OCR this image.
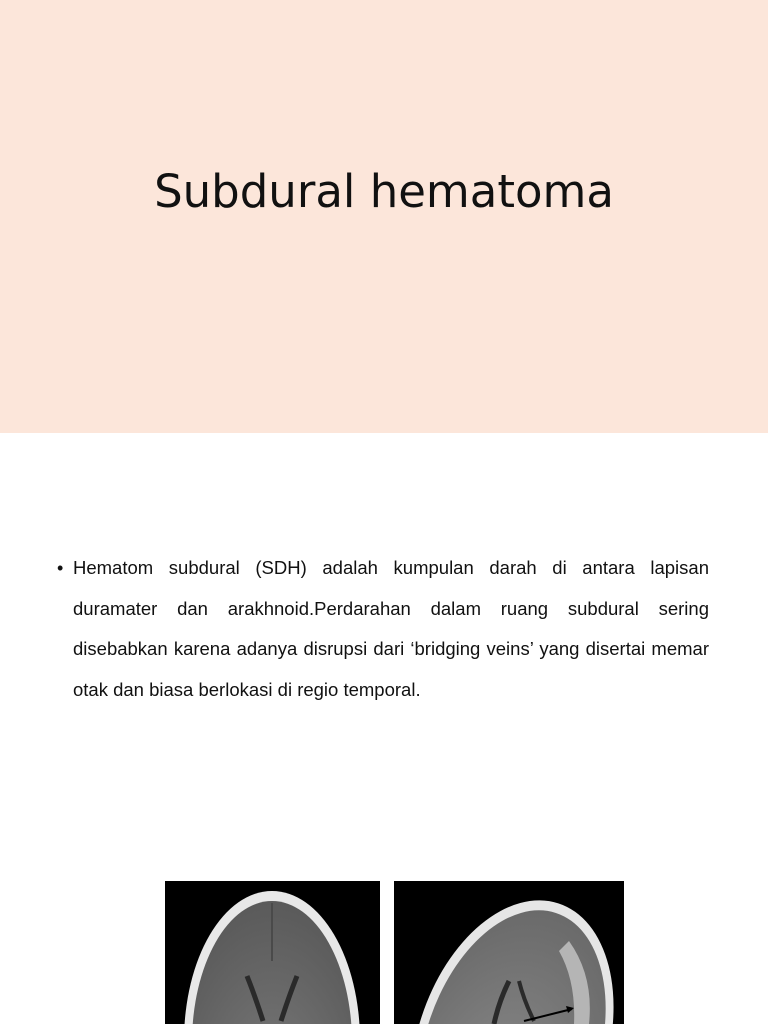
Subdural hematoma
• Hematom subdural (SDH) adalah kumpulan darah di antara lapisan duramater dan arakhnoid.Perdarahan dalam ruang subdural sering disebabkan karena adanya disrupsi dari ‘bridging veins’ yang disertai memar otak dan biasa berlokasi di regio temporal.
